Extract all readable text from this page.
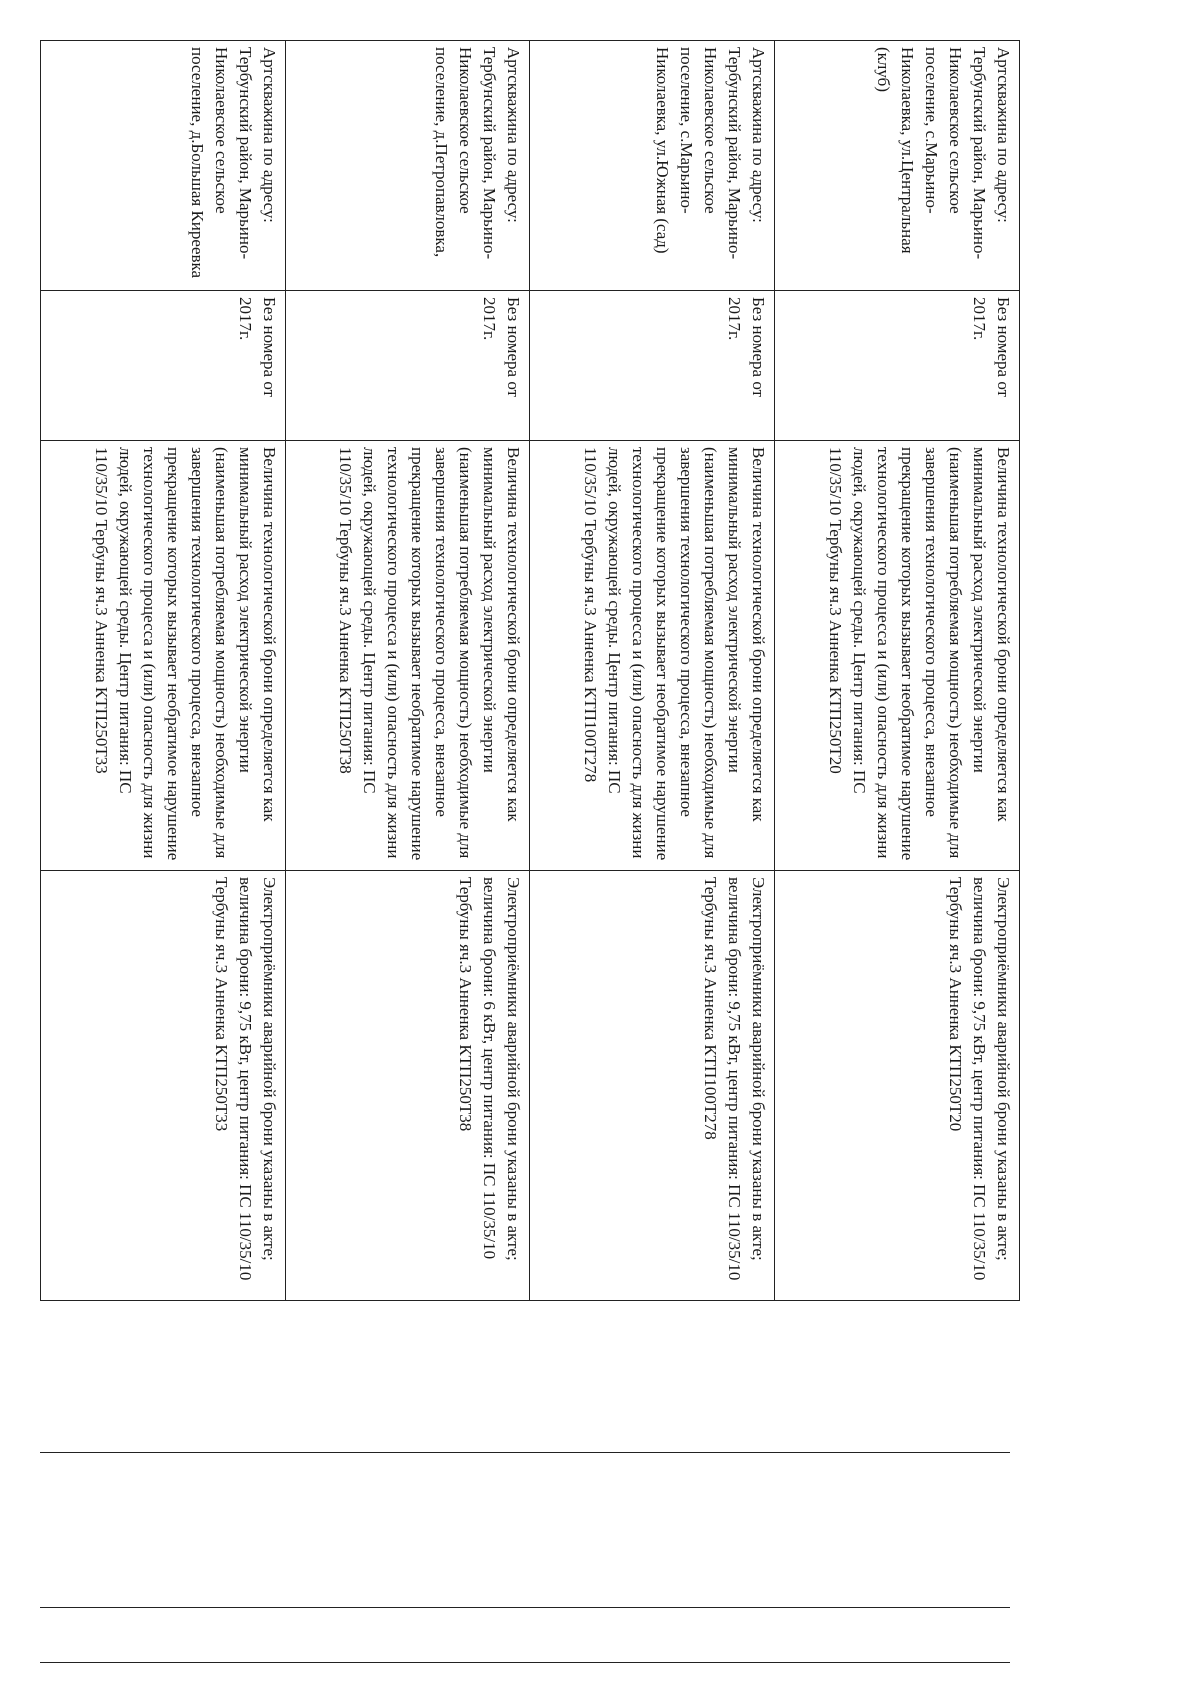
Артскважина по адресу: Тербунский район, Марьино-Николаевское сельское поселение, с.Марьино-Николаевка, ул.Центральная (клуб)	Без номера от 2017г.	Величина технологической брони определяется как минимальный расход электрической энергии (наименьшая потребляемая мощность) необходимые для завершения технологического процесса, внезапное прекращение которых вызывает необратимое нарушение технологического процесса и (или) опасность для жизни людей, окружающей среды. Центр питания: ПС 110/35/10 Тербуны яч.3 Аннeнка КТП250Т20	Электроприёмники аварийной брони указаны в акте; величина брони: 9,75 кВт, центр питания: ПС 110/35/10 Тербуны яч.3 Аннeнка КТП250Т20
Артскважина по адресу: Тербунский район, Марьино-Николаевское сельское поселение, с.Марьино-Николаевка, ул.Южная (сад)	Без номера от 2017г.	Величина технологической брони определяется как минимальный расход электрической энергии (наименьшая потребляемая мощность) необходимые для завершения технологического процесса, внезапное прекращение которых вызывает необратимое нарушение технологического процесса и (или) опасность для жизни людей, окружающей среды. Центр питания: ПС 110/35/10 Тербуны яч.3 Аннeнка КТП100Т278	Электроприёмники аварийной брони указаны в акте; величина брони: 9,75 кВт, центр питания: ПС 110/35/10 Тербуны яч.3 Аннeнка КТП100Т278
Артскважина по адресу: Тербунский район, Марьино-Николаевское сельское поселение, д.Петропавловка,	Без номера от 2017г.	Величина технологической брони определяется как минимальный расход электрической энергии (наименьшая потребляемая мощность) необходимые для завершения технологического процесса, внезапное прекращение которых вызывает необратимое нарушение технологического процесса и (или) опасность для жизни людей, окружающей среды. Центр питания: ПС 110/35/10 Тербуны яч.3 Аннeнка КТП250Т38	Электроприёмники аварийной брони указаны в акте; величина брони: 6 кВт, центр питания: ПС 110/35/10 Тербуны яч.3 Аннeнка КТП250Т38
Артскважина по адресу: Тербунский район, Марьино-Николаевское сельское поселение, д.Большая Киреевка	Без номера от 2017г.	Величина технологической брони определяется как минимальный расход электрической энергии (наименьшая потребляемая мощность) необходимые для завершения технологического процесса, внезапное прекращение которых вызывает необратимое нарушение технологического процесса и (или) опасность для жизни людей, окружающей среды. Центр питания: ПС 110/35/10 Тербуны яч.3 Аннeнка КТП250Т33	Электроприёмники аварийной брони указаны в акте; величина брони: 9,75 кВт, центр питания: ПС 110/35/10 Тербуны яч.3 Аннeнка КТП250Т33
